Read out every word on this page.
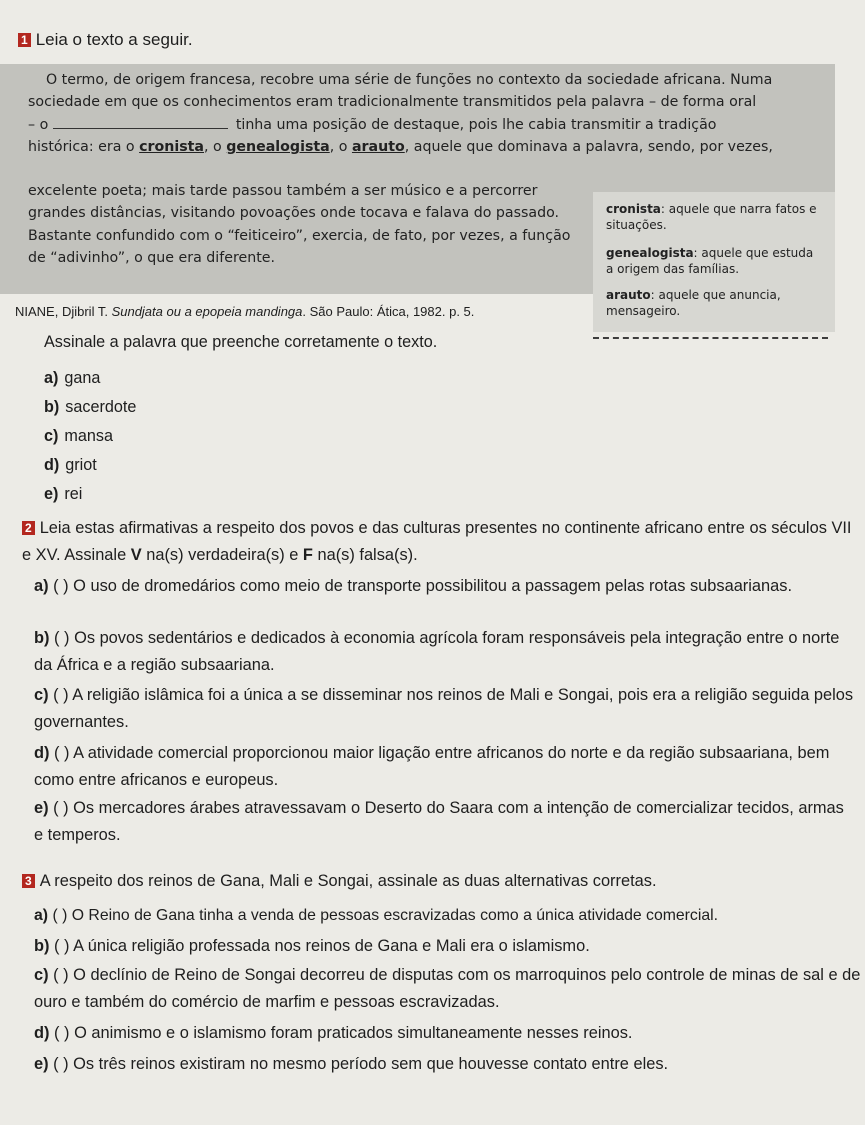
1 Leia o texto a seguir.
O termo, de origem francesa, recobre uma série de funções no contexto da sociedade africana. Numa sociedade em que os conhecimentos eram tradicionalmente transmitidos pela palavra – de forma oral
– o	tinha uma posição de destaque, pois lhe cabia transmitir a tradição
histórica: era o cronista, o genealogista, o arauto, aquele que dominava a palavra, sendo, por vezes,
excelente poeta; mais tarde passou também a ser músico e a percorrer grandes distâncias, visitando povoações onde tocava e falava do passado. Bastante confundido com o “feiticeiro”, exercia, de fato, por vezes, a função de “adivinho”, o que era diferente.
cronista: aquele que narra fatos e situações.
genealogista: aquele que estuda a origem das famílias.
arauto: aquele que anuncia, mensageiro.
NIANE, Djibril T. Sundjata ou a epopeia mandinga. São Paulo: Ática, 1982. p. 5.
Assinale a palavra que preenche corretamente o texto.
a) gana
b) sacerdote
c) mansa
d) griot
e) rei
2 Leia estas afirmativas a respeito dos povos e das culturas presentes no continente africano entre os séculos VII e XV. Assinale V na(s) verdadeira(s) e F na(s) falsa(s).
a) ( ) O uso de dromedários como meio de transporte possibilitou a passagem pelas rotas subsaarianas.
b) ( ) Os povos sedentários e dedicados à economia agrícola foram responsáveis pela integração entre o norte da África e a região subsaariana.
c) ( ) A religião islâmica foi a única a se disseminar nos reinos de Mali e Songai, pois era a religião seguida pelos governantes.
d) ( ) A atividade comercial proporcionou maior ligação entre africanos do norte e da região subsaariana, bem como entre africanos e europeus.
e) ( ) Os mercadores árabes atravessavam o Deserto do Saara com a intenção de comercializar tecidos, armas e temperos.
3 A respeito dos reinos de Gana, Mali e Songai, assinale as duas alternativas corretas.
a) ( ) O Reino de Gana tinha a venda de pessoas escravizadas como a única atividade comercial.
b) ( ) A única religião professada nos reinos de Gana e Mali era o islamismo.
c) ( ) O declínio de Reino de Songai decorreu de disputas com os marroquinos pelo controle de minas de sal e de ouro e também do comércio de marfim e pessoas escravizadas.
d) ( ) O animismo e o islamismo foram praticados simultaneamente nesses reinos.
e) ( ) Os três reinos existiram no mesmo período sem que houvesse contato entre eles.
